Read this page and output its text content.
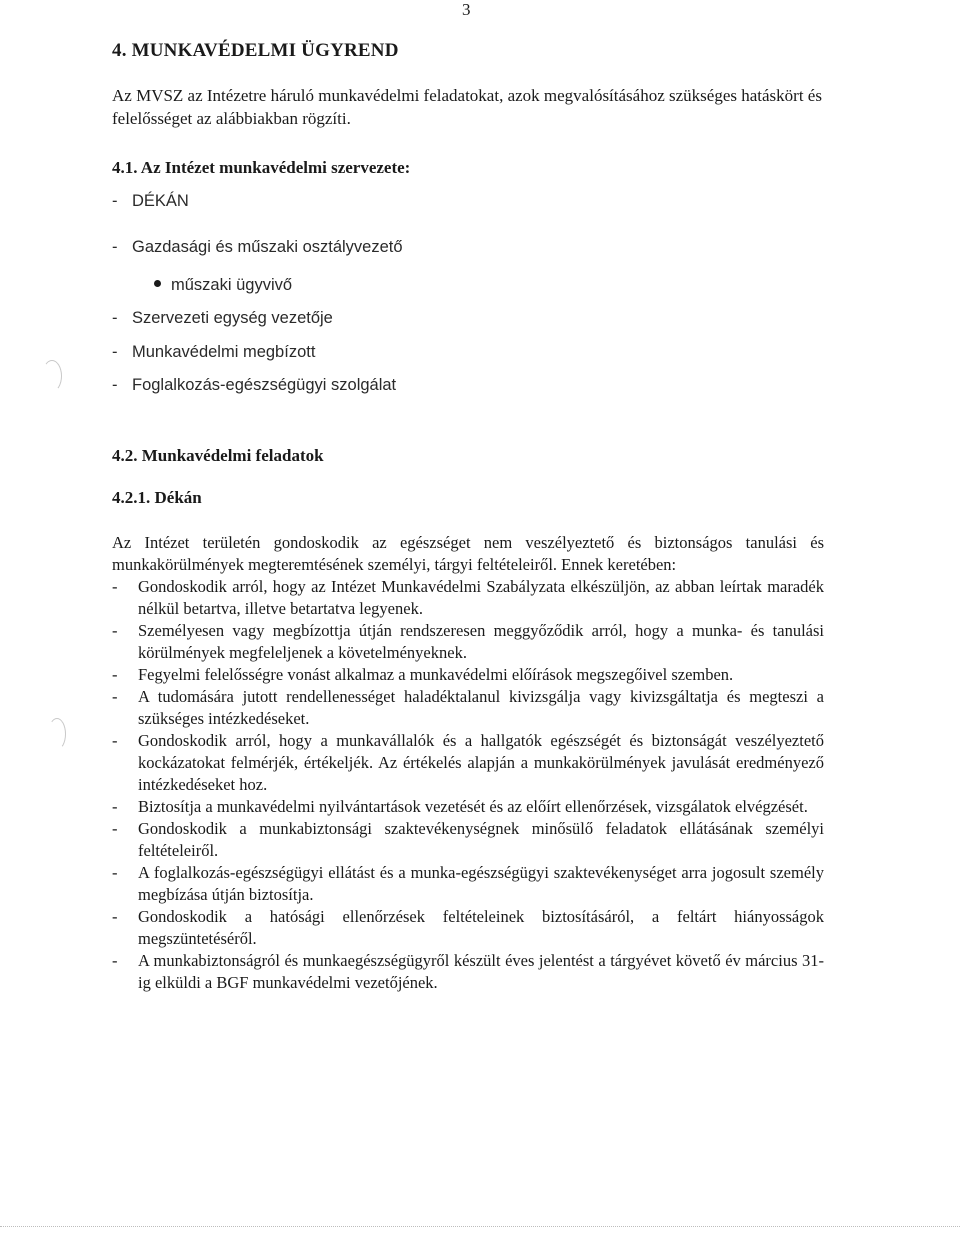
3
4. MUNKAVÉDELMI ÜGYREND
Az MVSZ az Intézetre háruló munkavédelmi feladatokat, azok megvalósításához szükséges hatáskört és felelősséget az alábbiakban rögzíti.
4.1. Az Intézet munkavédelmi szervezete:
- DÉKÁN
- Gazdasági és műszaki osztályvezető
műszaki ügyvivő
- Szervezeti egység vezetője
- Munkavédelmi megbízott
- Foglalkozás-egészségügyi szolgálat
4.2. Munkavédelmi feladatok
4.2.1. Dékán
Az Intézet területén gondoskodik az egészséget nem veszélyeztető és biztonságos tanulási és munkakörülmények megteremtésének személyi, tárgyi feltételeiről. Ennek keretében:
- Gondoskodik arról, hogy az Intézet Munkavédelmi Szabályzata elkészüljön, az abban leírtak maradék nélkül betartva, illetve betartatva legyenek.
- Személyesen vagy megbízottja útján rendszeresen meggyőződik arról, hogy a munka- és tanulási körülmények megfeleljenek a követelményeknek.
- Fegyelmi felelősségre vonást alkalmaz a munkavédelmi előírások megszegőivel szemben.
- A tudomására jutott rendellenességet haladéktalanul kivizsgálja vagy kivizsgáltatja és megteszi a szükséges intézkedéseket.
- Gondoskodik arról, hogy a munkavállalók és a hallgatók egészségét és biztonságát veszélyeztető kockázatokat felmérjék, értékeljék. Az értékelés alapján a munkakörülmények javulását eredményező intézkedéseket hoz.
- Biztosítja a munkavédelmi nyilvántartások vezetését és az előírt ellenőrzések, vizsgálatok elvégzését.
- Gondoskodik a munkabiztonsági szaktevékenységnek minősülő feladatok ellátásának személyi feltételeiről.
- A foglalkozás-egészségügyi ellátást és a munka-egészségügyi szaktevékenységet arra jogosult személy megbízása útján biztosítja.
- Gondoskodik a hatósági ellenőrzések feltételeinek biztosításáról, a feltárt hiányosságok megszüntetéséről.
- A munkabiztonságról és munkaegészségügyről készült éves jelentést a tárgyévet követő év március 31-ig elküldi a BGF munkavédelmi vezetőjének.
